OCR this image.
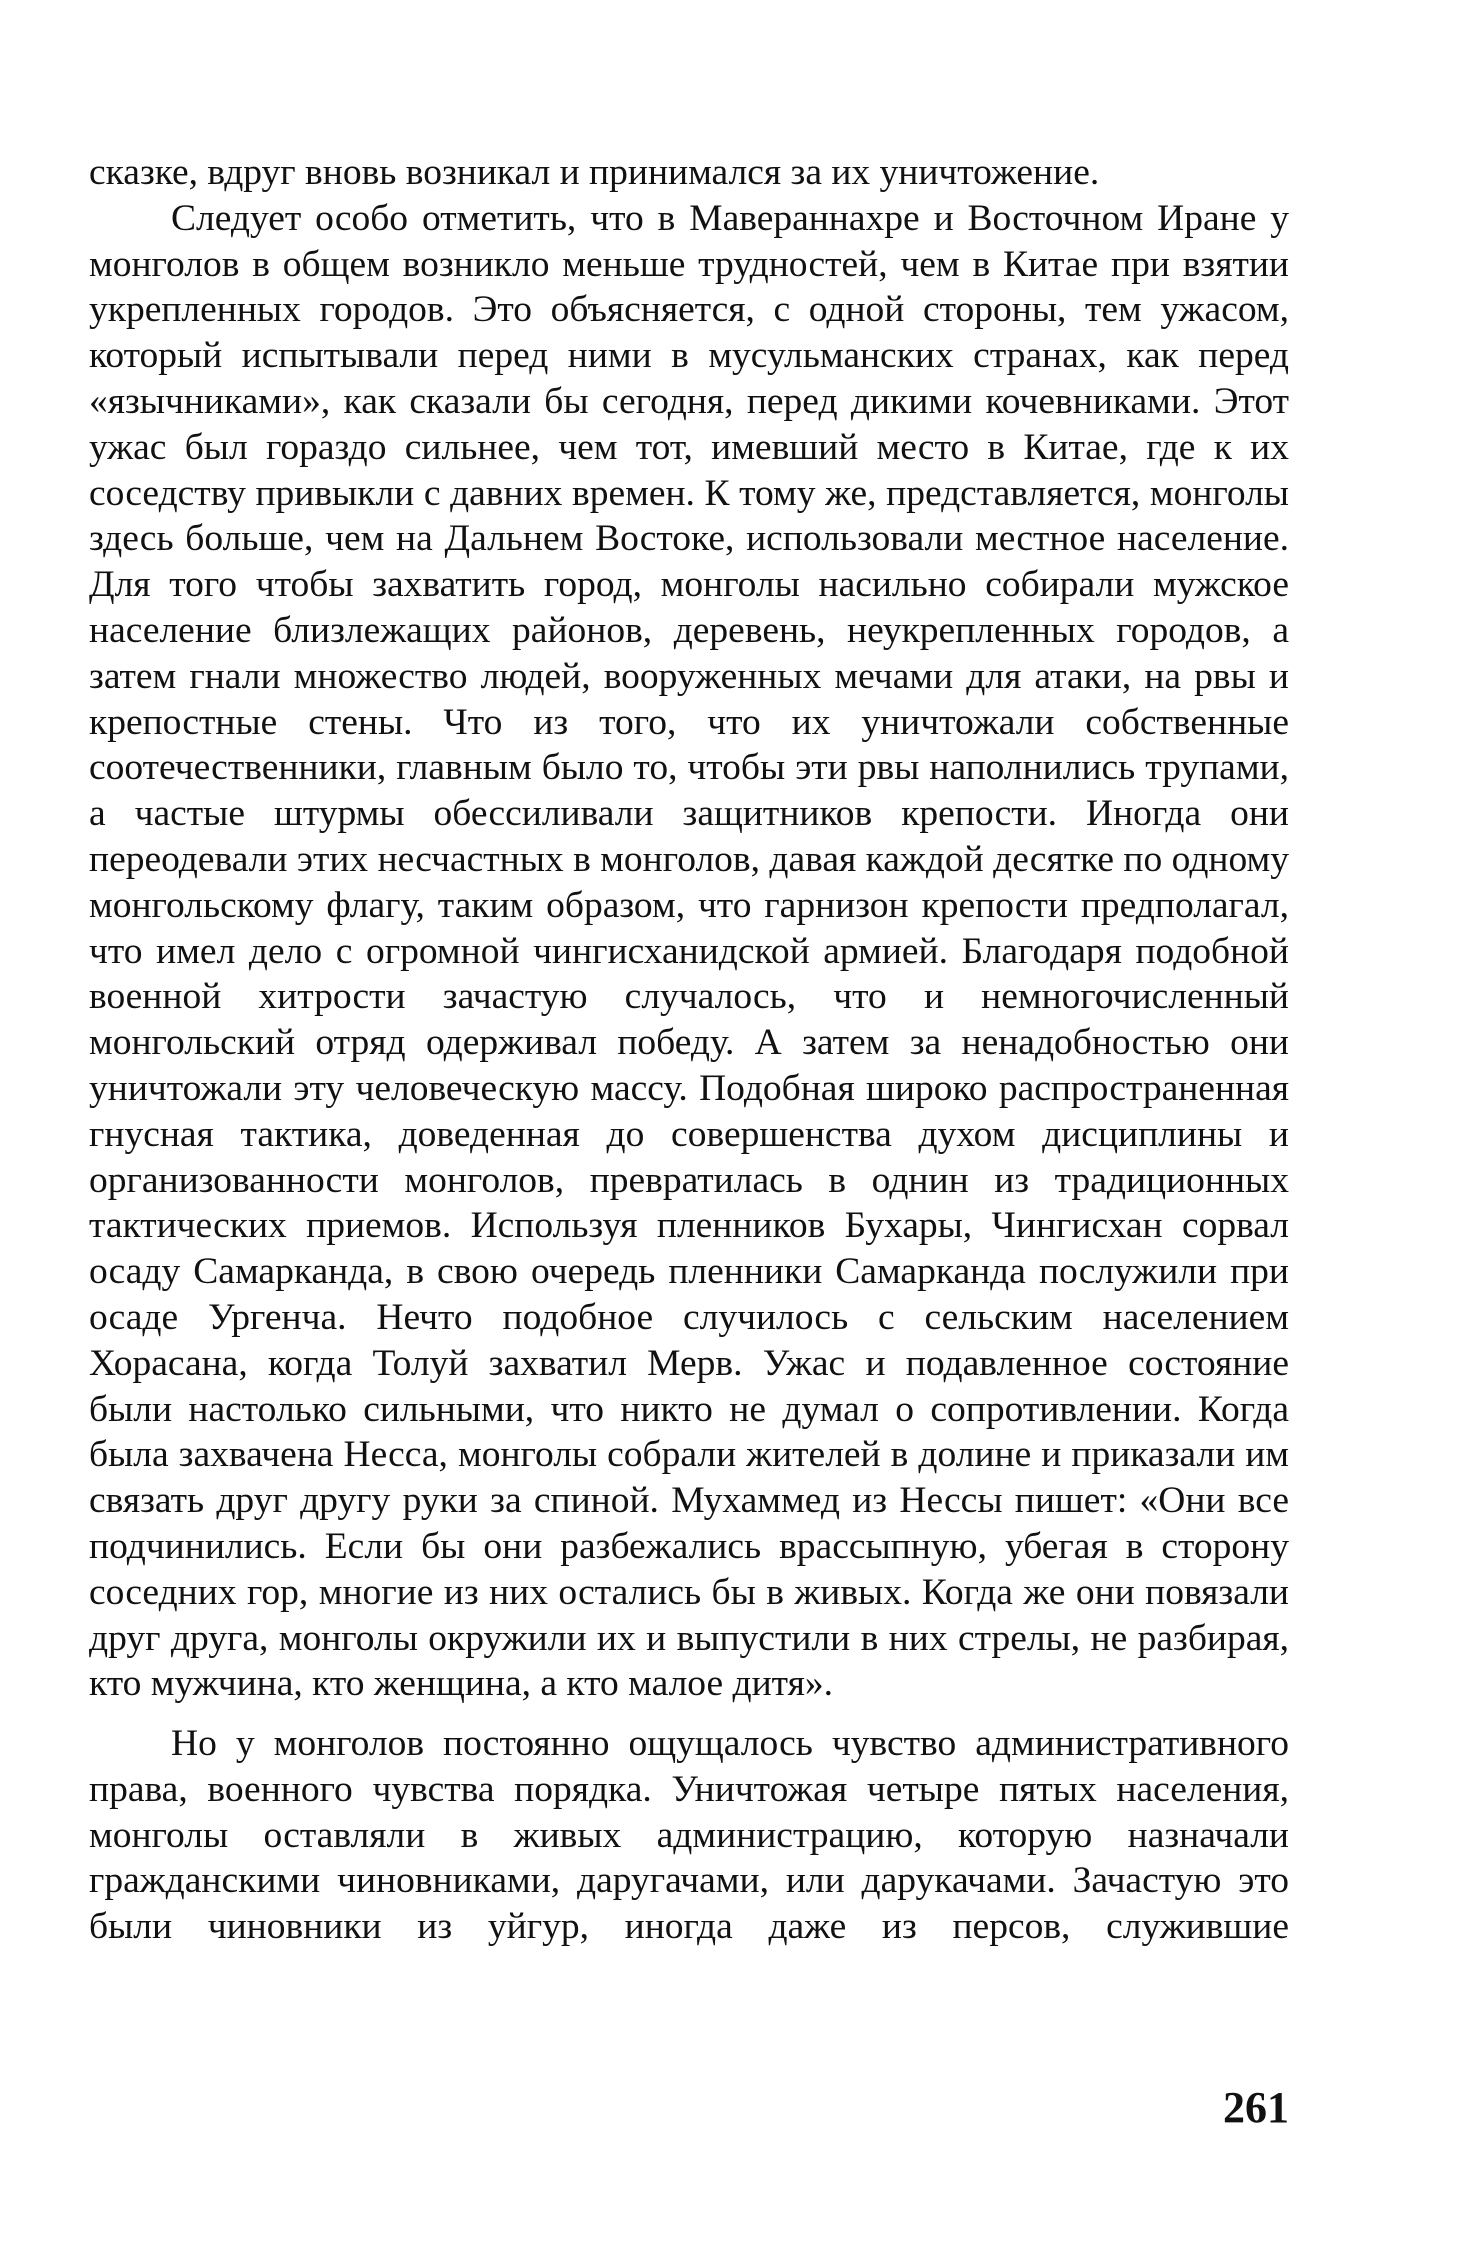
сказке, вдруг вновь возникал и принимался за их уничтожение.

Следует особо отметить, что в Мавераннахре и Восточном Иране у монголов в общем возникло меньше трудностей, чем в Китае при взятии укрепленных городов. Это объясняется, с одной стороны, тем ужасом, который испытывали перед ними в мусульманских странах, как перед «язычниками», как сказали бы сегодня, перед дикими кочевниками. Этот ужас был гораздо сильнее, чем тот, имевший место в Китае, где к их соседству привыкли с давних времен. К тому же, представляется, монголы здесь больше, чем на Дальнем Востоке, использовали местное население. Для того чтобы захватить город, монголы насильно собирали мужское население близлежащих районов, деревень, неукрепленных городов, а затем гнали множество людей, вооруженных мечами для атаки, на рвы и крепостные стены. Что из того, что их уничтожали собственные соотечественники, главным было то, чтобы эти рвы наполнились трупами, а частые штурмы обессиливали защитников крепости. Иногда они переодевали этих несчастных в монголов, давая каждой десятке по одному монгольскому флагу, таким образом, что гарнизон крепости предполагал, что имел дело с огромной чингисханидской армией. Благодаря подобной военной хитрости зачастую случалось, что и немногочисленный монгольский отряд одерживал победу. А затем за ненадобностью они уничтожали эту человеческую массу. Подобная широко распространенная гнусная тактика, доведенная до совершенства духом дисциплины и организованности монголов, превратилась в однин из традиционных тактических приемов. Используя пленников Бухары, Чингисхан сорвал осаду Самарканда, в свою очередь пленники Самарканда послужили при осаде Ургенча. Нечто подобное случилось с сельским населением Хорасана, когда Толуй захватил Мерв. Ужас и подавленное состояние были настолько сильными, что никто не думал о сопротивлении. Когда была захвачена Несса, монголы собрали жителей в долине и приказали им связать друг другу руки за спиной. Мухаммед из Нессы пишет: «Они все подчинились. Если бы они разбежались врассыпную, убегая в сторону соседних гор, многие из них остались бы в живых. Когда же они повязали друг друга, монголы окружили их и выпустили в них стрелы, не разбирая, кто мужчина, кто женщина, а кто малое дитя».

Но у монголов постоянно ощущалось чувство административного права, военного чувства порядка. Уничтожая четыре пятых населения, монголы оставляли в живых администрацию, которую назначали гражданскими чиновниками, даругачами, или дарукачами. Зачастую это были чиновники из уйгур, иногда даже из персов, служившие

261
